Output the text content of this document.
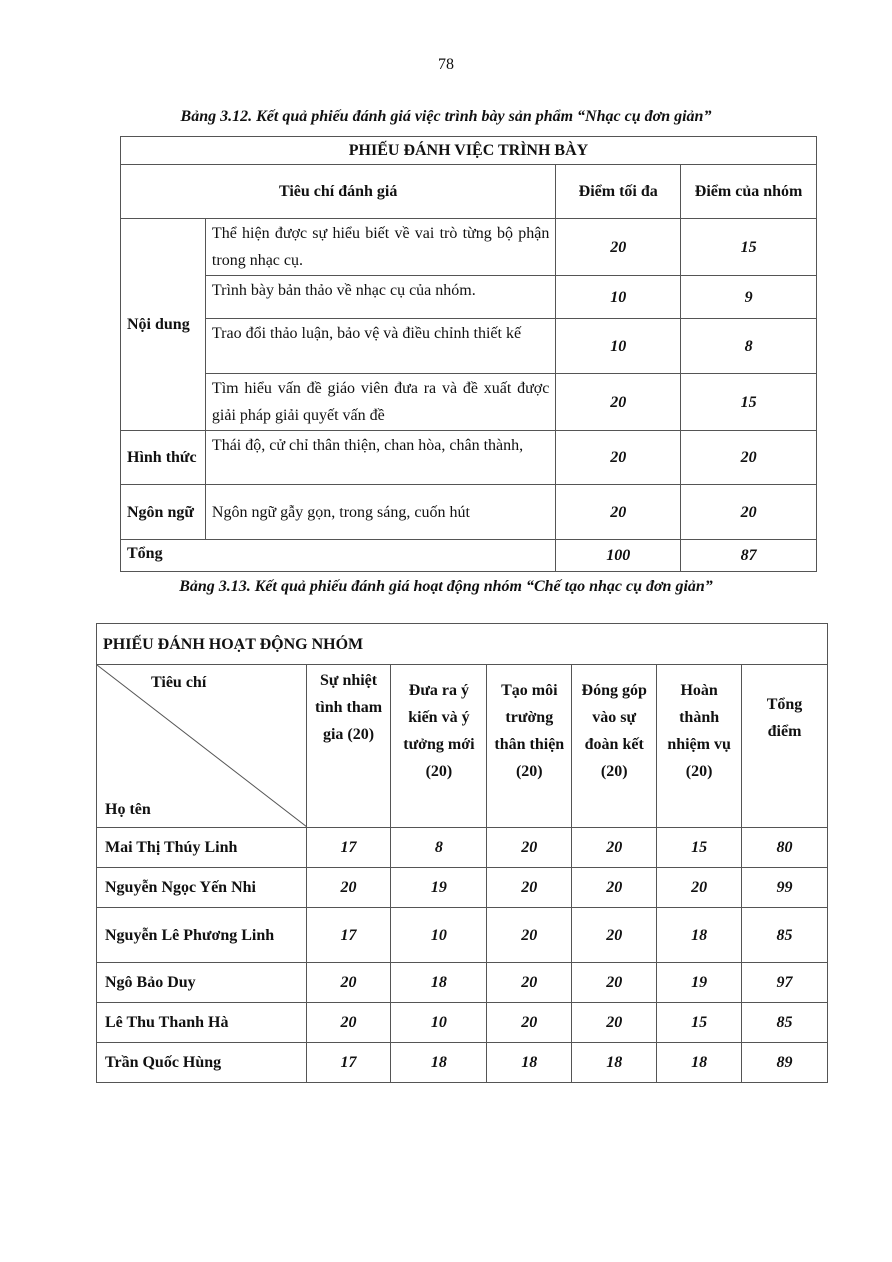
78
Bảng 3.12. Kết quả phiếu đánh giá việc trình bày sản phẩm “Nhạc cụ đơn giản”
PHIẾU ĐÁNH VIỆC TRÌNH BÀY			
Tiêu chí đánh giá		Điểm tối đa	Điểm của nhóm
Nội dung	Thể hiện được sự hiểu biết về vai trò từng bộ phận trong nhạc cụ.	20	15
	Trình bày bản thảo về nhạc cụ của nhóm.	10	9
	Trao đổi thảo luận, bảo vệ và điều chỉnh thiết kế	10	8
	Tìm hiểu vấn đề giáo viên đưa ra và đề xuất được giải pháp giải quyết vấn đề	20	15
Hình thức	Thái độ, cử chỉ thân thiện, chan hòa, chân thành,	20	20
Ngôn ngữ	Ngôn ngữ gẫy gọn, trong sáng, cuốn hút	20	20
Tổng		100	87
Bảng 3.13. Kết quả phiếu đánh giá hoạt động nhóm “Chế tạo nhạc cụ đơn giản”
PHIẾU ĐÁNH HOẠT ĐỘNG NHÓM						

Tiêu chí
Họ tên	Sự nhiệt tình tham gia (20)	Đưa ra ý kiến và ý tưởng mới (20)	Tạo môi trường thân thiện (20)	Đóng góp vào sự đoàn kết (20)	Hoàn thành nhiệm vụ (20)	Tổng điểm
Mai Thị Thúy Linh	17	8	20	20	15	80
Nguyễn Ngọc Yến Nhi	20	19	20	20	20	99
Nguyễn Lê Phương Linh	17	10	20	20	18	85
Ngô Bảo Duy	20	18	20	20	19	97
Lê Thu Thanh Hà	20	10	20	20	15	85
Trần Quốc Hùng	17	18	18	18	18	89
